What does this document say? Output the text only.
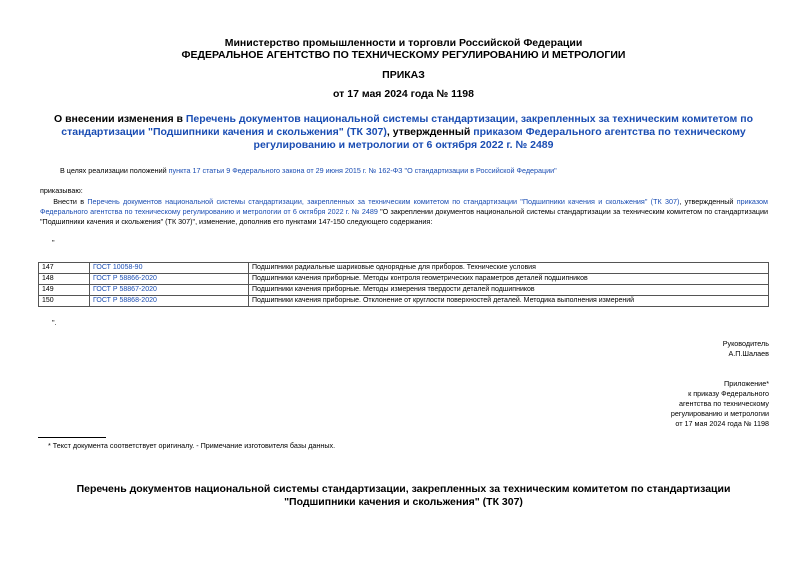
Министерство промышленности и торговли Российской Федерации
ФЕДЕРАЛЬНОЕ АГЕНТСТВО ПО ТЕХНИЧЕСКОМУ РЕГУЛИРОВАНИЮ И МЕТРОЛОГИИ
ПРИКАЗ
от 17 мая 2024 года № 1198
О внесении изменения в Перечень документов национальной системы стандартизации, закрепленных за техническим комитетом по стандартизации "Подшипники качения и скольжения" (ТК 307), утвержденный приказом Федерального агентства по техническому регулированию и метрологии от 6 октября 2022 г. № 2489
В целях реализации положений пункта 17 статьи 9 Федерального закона от 29 июня 2015 г. № 162-ФЗ "О стандартизации в Российской Федерации"
приказываю:
Внести в Перечень документов национальной системы стандартизации, закрепленных за техническим комитетом по стандартизации "Подшипники качения и скольжения" (ТК 307), утвержденный приказом Федерального агентства по техническому регулированию и метрологии от 6 октября 2022 г. № 2489 "О закреплении документов национальной системы стандартизации за техническим комитетом по стандартизации "Подшипники качения и скольжения" (ТК 307)", изменение, дополнив его пунктами 147-150 следующего содержания:
"
147	ГОСТ 10058-90	Подшипники радиальные шариковые однорядные для приборов. Технические условия
148	ГОСТ Р 58866-2020	Подшипники качения приборные. Методы контроля геометрических параметров деталей подшипников
149	ГОСТ Р 58867-2020	Подшипники качения приборные. Методы измерения твердости деталей подшипников
150	ГОСТ Р 58868-2020	Подшипники качения приборные. Отклонение от круглости поверхностей деталей. Методика выполнения измерений
".
Руководитель
А.П.Шалаев
Приложение*
к приказу Федерального
агентства по техническому
регулированию и метрологии
от 17 мая 2024 года № 1198
* Текст документа соответствует оригиналу. - Примечание изготовителя базы данных.
Перечень документов национальной системы стандартизации, закрепленных за техническим комитетом по стандартизации "Подшипники качения и скольжения" (ТК 307)
